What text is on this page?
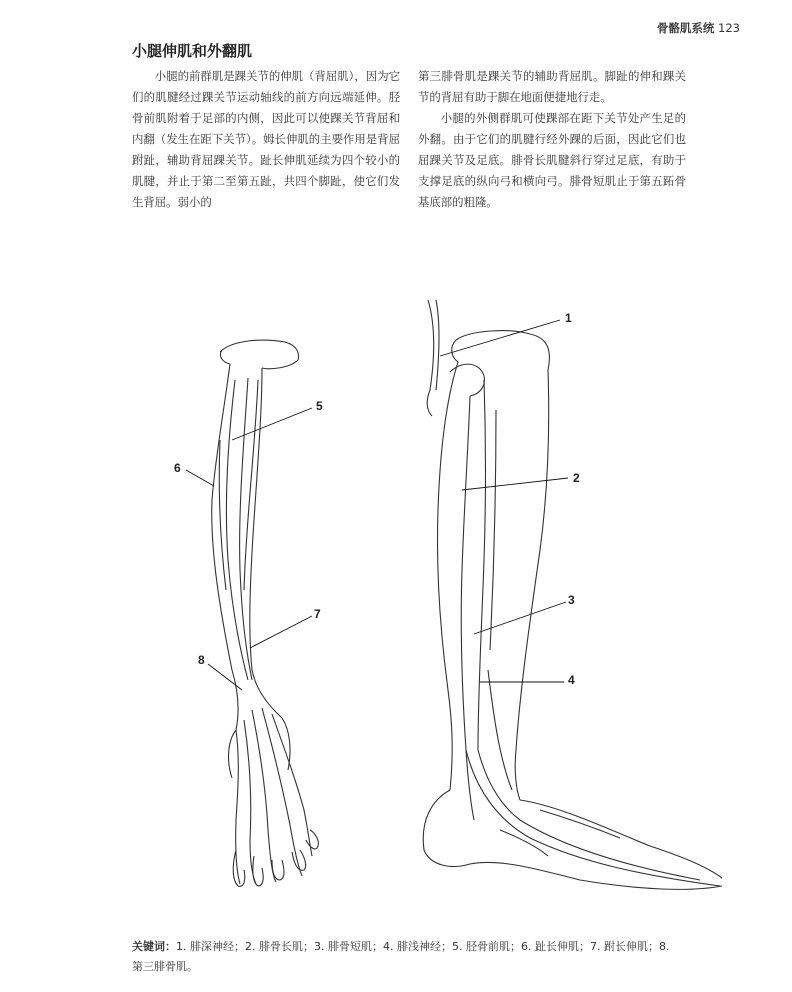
骨骼肌系统 123
小腿伸肌和外翻肌

小腿的前群肌是踝关节的伸肌（背屈肌），因为它们的肌腱经过踝关节运动轴线的前方向远端延伸。胫骨前肌附着于足部的内侧，因此可以使踝关节背屈和内翻（发生在距下关节）。姆长伸肌的主要作用是背屈跗趾，辅助背屈踝关节。趾长伸肌延续为四个较小的肌腱，并止于第二至第五趾，共四个脚趾，使它们发生背屈。弱小的

第三腓骨肌是踝关节的辅助背屈肌。脚趾的伸和踝关节的背屈有助于脚在地面便捷地行走。

小腿的外侧群肌可使踝部在距下关节处产生足的外翻。由于它们的肌腱行经外踝的后面，因此它们也屈踝关节及足底。腓骨长肌腱斜行穿过足底，有助于支撑足底的纵向弓和横向弓。腓骨短肌止于第五跖骨基底部的粗隆。

1
2
3
4
5
6
7
8
关键词：1. 腓深神经；2. 腓骨长肌；3. 腓骨短肌；4. 腓浅神经；5. 胫骨前肌；6. 趾长伸肌；7. 跗长伸肌；8. 第三腓骨肌。
